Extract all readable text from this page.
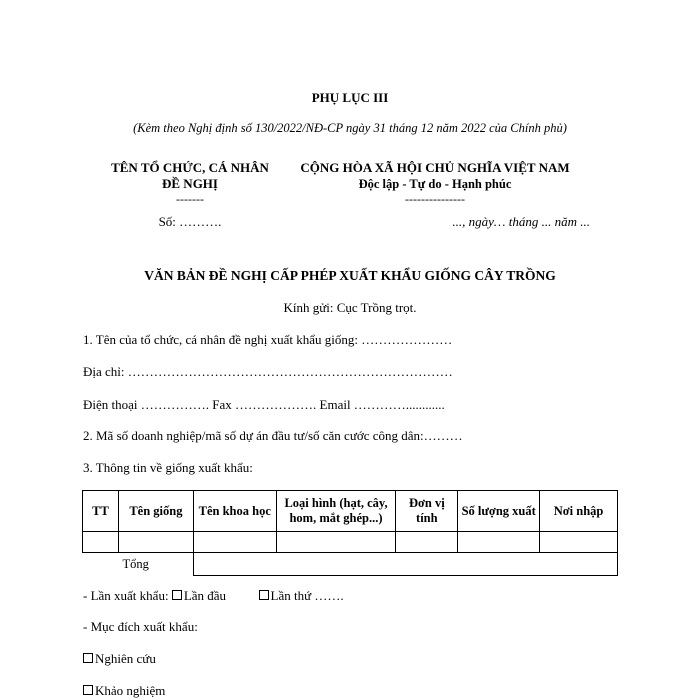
PHỤ LỤC III
(Kèm theo Nghị định số 130/2022/NĐ-CP ngày 31 tháng 12 năm 2022 của Chính phủ)
TÊN TỔ CHỨC, CÁ NHÂN
ĐỀ NGHỊ
-------
Số: ……….
CỘNG HÒA XÃ HỘI CHỦ NGHĨA VIỆT NAM
Độc lập - Tự do - Hạnh phúc
---------------
..., ngày… tháng ... năm ...
VĂN BẢN ĐỀ NGHỊ CẤP PHÉP XUẤT KHẨU GIỐNG CÂY TRỒNG
Kính gửi: Cục Trồng trọt.
1. Tên của tổ chức, cá nhân đề nghị xuất khẩu giống: …………………
Địa chỉ: …………………………………………………………………
Điện thoại ……………. Fax ………………. Email …………............
2. Mã số doanh nghiệp/mã số dự án đầu tư/số căn cước công dân:………
3. Thông tin về giống xuất khẩu:
TT	Tên giống	Tên khoa học	Loại hình (hạt, cây, hom, mắt ghép...)	Đơn vị tính	Số lượng xuất	Nơi nhập

Tổng						
- Lần xuất khẩu: Lần đầu	Lần thứ …….
- Mục đích xuất khẩu:
Nghiên cứu
Khảo nghiệm
